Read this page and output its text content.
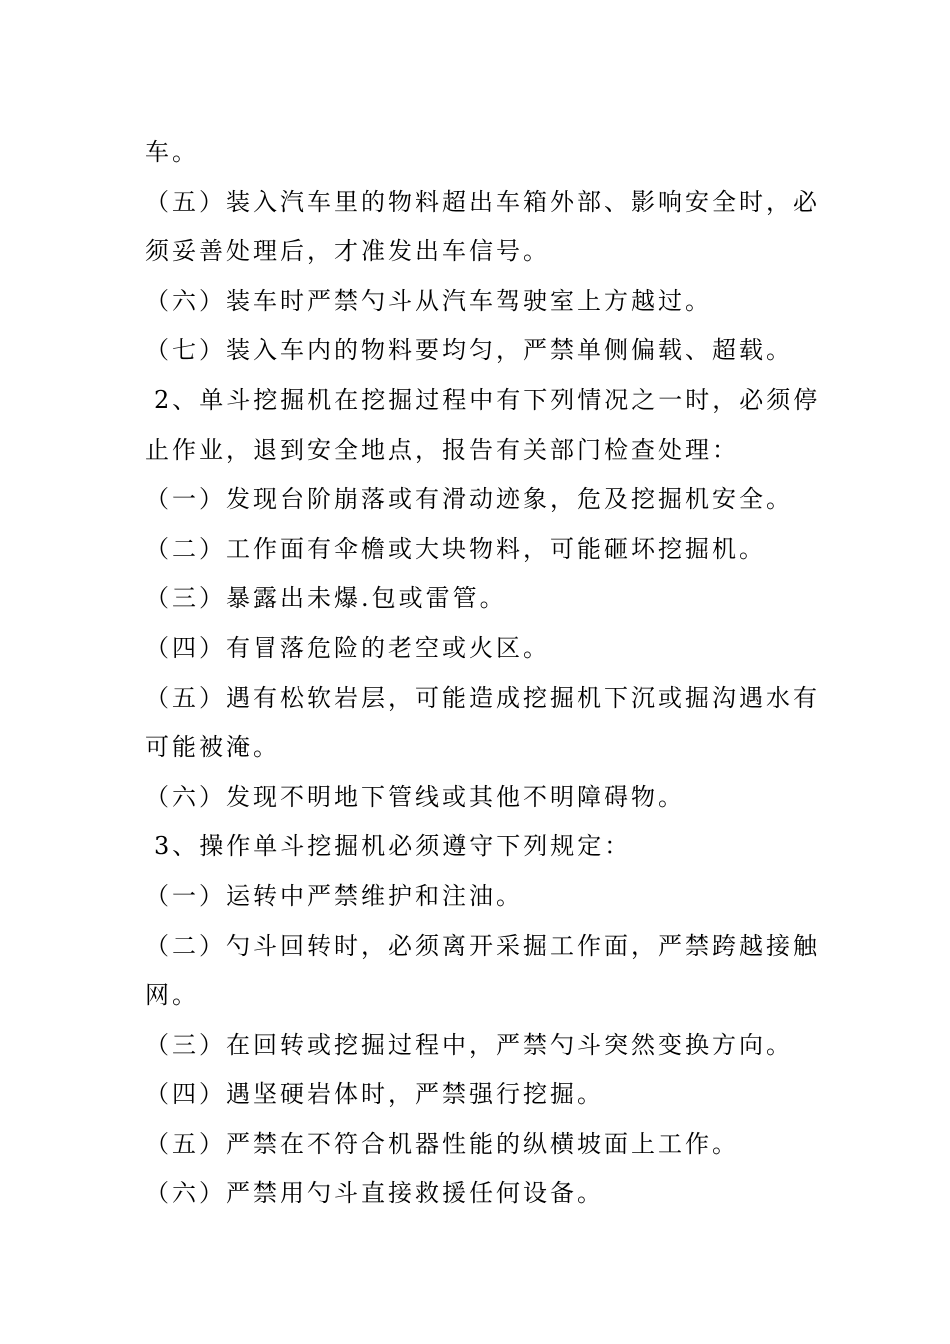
车。

（五）装入汽车里的物料超出车箱外部、影响安全时，必

须妥善处理后，才准发出车信号。

（六）装车时严禁勺斗从汽车驾驶室上方越过。

（七）装入车内的物料要均匀，严禁单侧偏载、超载。

2、单斗挖掘机在挖掘过程中有下列情况之一时，必须停

止作业，退到安全地点，报告有关部门检查处理：

（一）发现台阶崩落或有滑动迹象，危及挖掘机安全。

（二）工作面有伞檐或大块物料，可能砸坏挖掘机。

（三）暴露出未爆.包或雷管。

（四）有冒落危险的老空或火区。

（五）遇有松软岩层，可能造成挖掘机下沉或掘沟遇水有

可能被淹。

（六）发现不明地下管线或其他不明障碍物。

3、操作单斗挖掘机必须遵守下列规定：

（一）运转中严禁维护和注油。

（二）勺斗回转时，必须离开采掘工作面，严禁跨越接触

网。

（三）在回转或挖掘过程中，严禁勺斗突然变换方向。

（四）遇坚硬岩体时，严禁强行挖掘。

（五）严禁在不符合机器性能的纵横坡面上工作。

（六）严禁用勺斗直接救援任何设备。
